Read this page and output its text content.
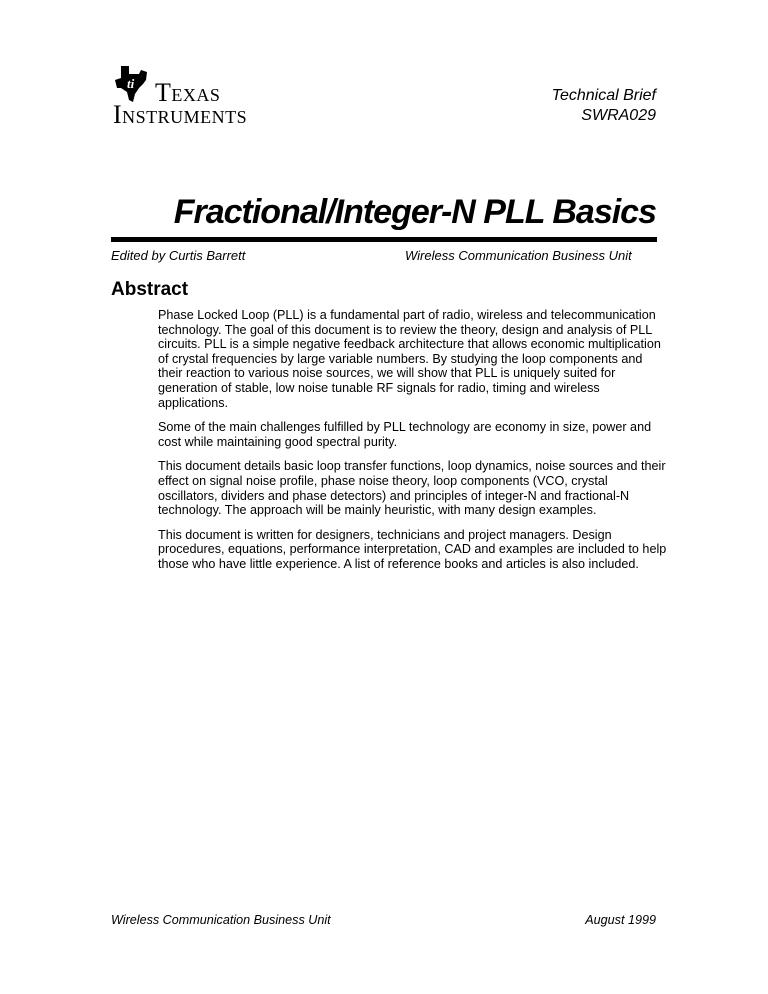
ti TEXAS
INSTRUMENTS
Technical Brief
SWRA029
Fractional/Integer-N PLL Basics
Edited by Curtis Barrett	Wireless Communication Business Unit
Abstract

Phase Locked Loop (PLL) is a fundamental part of radio, wireless and telecommunication technology. The goal of this document is to review the theory, design and analysis of PLL circuits. PLL is a simple negative feedback architecture that allows economic multiplication of crystal frequencies by large variable numbers. By studying the loop components and their reaction to various noise sources, we will show that PLL is uniquely suited for generation of stable, low noise tunable RF signals for radio, timing and wireless applications.

Some of the main challenges fulfilled by PLL technology are economy in size, power and cost while maintaining good spectral purity.

This document details basic loop transfer functions, loop dynamics, noise sources and their effect on signal noise profile, phase noise theory, loop components (VCO, crystal oscillators, dividers and phase detectors) and principles of integer-N and fractional-N technology. The approach will be mainly heuristic, with many design examples.

This document is written for designers, technicians and project managers. Design procedures, equations, performance interpretation, CAD and examples are included to help those who have little experience. A list of reference books and articles is also included.

Wireless Communication Business Unit	August 1999
